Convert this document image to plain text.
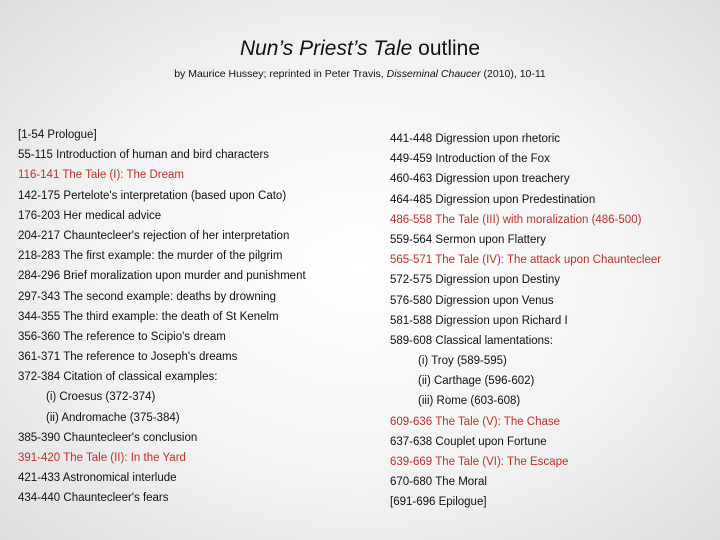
Nun’s Priest’s Tale outline
by Maurice Hussey; reprinted in Peter Travis, Disseminal Chaucer (2010), 10-11
[1-54 Prologue]
55-115 Introduction of human and bird characters
116-141 The Tale (I): The Dream
142-175 Pertelote's interpretation (based upon Cato)
176-203 Her medical advice
204-217 Chauntecleer's rejection of her interpretation
218-283 The first example: the murder of the pilgrim
284-296 Brief moralization upon murder and punishment
297-343 The second example: deaths by drowning
344-355 The third example: the death of St Kenelm
356-360 The reference to Scipio's dream
361-371 The reference to Joseph's dreams
372-384 Citation of classical examples:
(i) Croesus (372-374)
(ii) Andromache (375-384)
385-390 Chauntecleer's conclusion
391-420 The Tale (II): In the Yard
421-433 Astronomical interlude
434-440 Chauntecleer's fears
441-448 Digression upon rhetoric
449-459 Introduction of the Fox
460-463 Digression upon treachery
464-485 Digression upon Predestination
486-558 The Tale (III) with moralization (486-500)
559-564 Sermon upon Flattery
565-571 The Tale (IV): The attack upon Chauntecleer
572-575 Digression upon Destiny
576-580 Digression upon Venus
581-588 Digression upon Richard I
589-608 Classical lamentations:
(i) Troy (589-595)
(ii) Carthage (596-602)
(iii) Rome (603-608)
609-636 The Tale (V): The Chase
637-638 Couplet upon Fortune
639-669 The Tale (VI): The Escape
670-680 The Moral
[691-696 Epilogue]
